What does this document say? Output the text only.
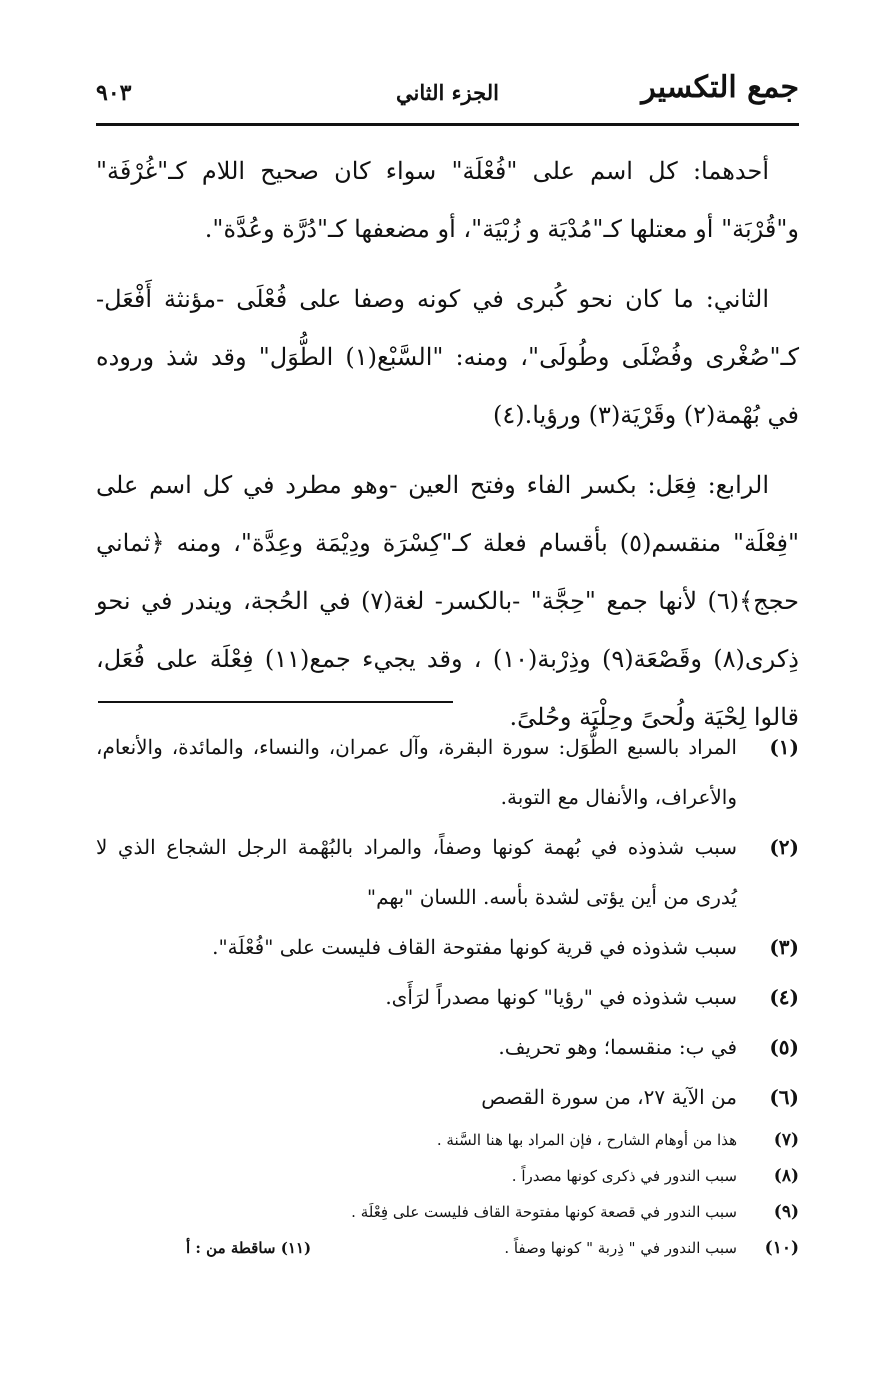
جمع التكسير
الجزء الثاني
٩٠٣

أحدهما: كل اسم على "فُعْلَة" سواء كان صحيح اللام كـ"غُرْفَة" و"قُرْبَة" أو معتلها كـ"مُدْيَة و زُبْيَة"، أو مضعفها كـ"دُرَّة وعُدَّة".

الثاني: ما كان نحو كُبرى في كونه وصفا على فُعْلَى -مؤنثة أَفْعَل- كـ"صُغْرى وفُضْلَى وطُولَى"، ومنه: "السَّبْع(١) الطُّوَل" وقد شذ وروده في بُهْمة(٢) وقَرْيَة(٣) ورؤيا.(٤)

الرابع: فِعَل: بكسر الفاء وفتح العين -وهو مطرد في كل اسم على "فِعْلَة" منقسم(٥) بأقسام فعلة كـ"كِسْرَة ودِيْمَة وعِدَّة"، ومنه ﴿ثماني حجج﴾(٦) لأنها جمع "حِجَّة" -بالكسر- لغة(٧) في الحُجة، ويندر في نحو ذِكرى(٨) وقَصْعَة(٩) وذِرْبة(١٠) ، وقد يجيء جمع(١١) فِعْلَة على فُعَل، قالوا لِحْيَة ولُحىً وحِلْيَة وحُلىً.

(١)
المراد بالسبع الطُّوَل: سورة البقرة، وآل عمران، والنساء، والمائدة، والأنعام، والأعراف، والأنفال مع التوبة.
(٢)
سبب شذوذه في بُهمة كونها وصفاً، والمراد بالبُهْمة الرجل الشجاع الذي لا يُدرى من أين يؤتى لشدة بأسه. اللسان "بهم"
(٣)
سبب شذوذه في قرية كونها مفتوحة القاف فليست على "فُعْلَة".
(٤)
سبب شذوذه في "رؤيا" كونها مصدراً لرَأَى.
(٥)
في ب: منقسما؛ وهو تحريف.
(٦)
من الآية ٢٧، من سورة القصص
(٧)
هذا من أوهام الشارح ، فإن المراد بها هنا السَّنة .
(٨)
سبب الندور في ذكرى كونها مصدراً .
(٩)
سبب الندور في قصعة كونها مفتوحة القاف فليست على فِعْلَة .
(١٠)
سبب الندور في " ذِربة " كونها وصفاً .
(١١) ساقطة من : أ
